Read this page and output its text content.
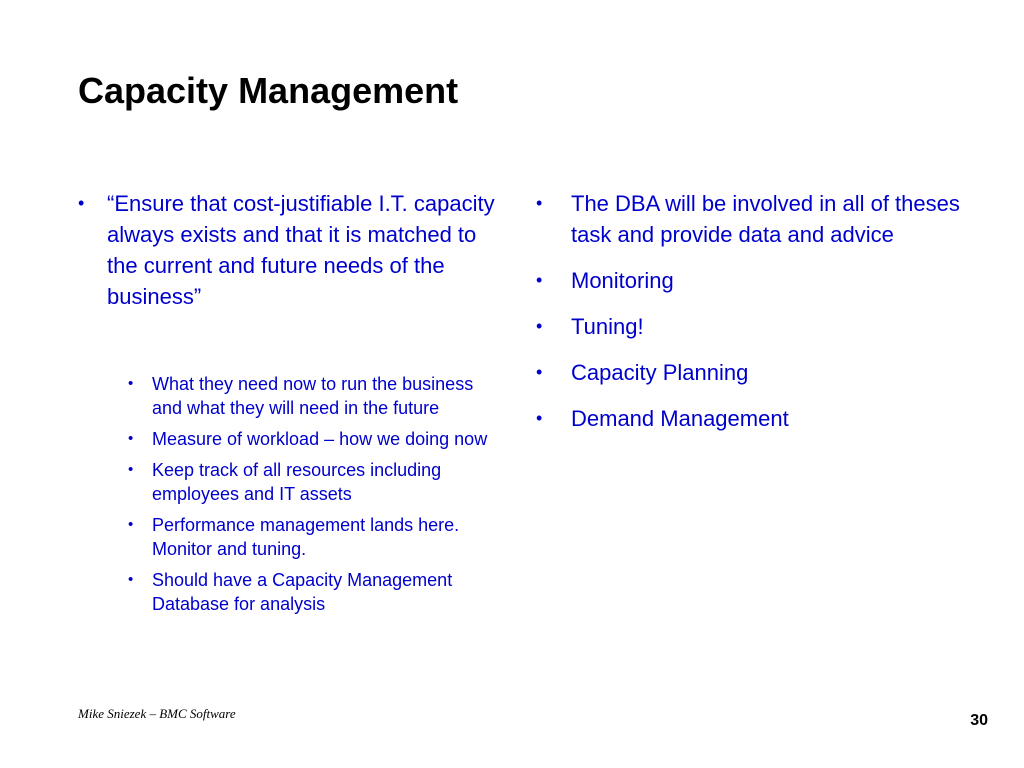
Capacity Management
• “Ensure that cost-justifiable I.T. capacity always exists and that it is matched to the current and future needs of the business”
• What they need now to run the business and what they will need in the future
• Measure of workload – how we doing now
• Keep track of all resources including employees and IT assets
• Performance management lands here. Monitor and tuning.
• Should have a Capacity Management Database for analysis
• The DBA will be involved in all of theses task and provide data and advice
• Monitoring
• Tuning!
• Capacity Planning
• Demand Management
Mike Sniezek – BMC Software	30
